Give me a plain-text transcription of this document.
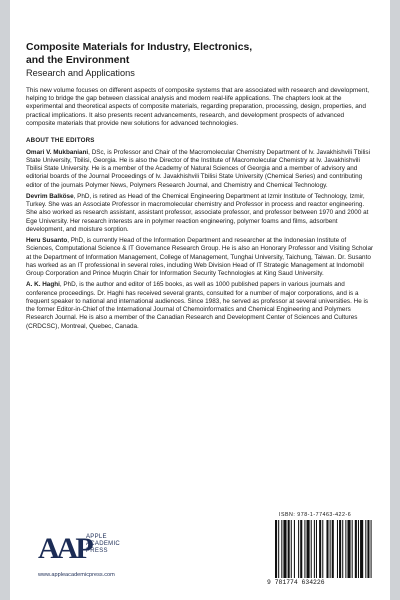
Composite Materials for Industry, Electronics,
and the Environment
Research and Applications

This new volume focuses on different aspects of composite systems that are associated with research and development, helping to bridge the gap between classical analysis and modern real-life applications. The chapters look at the experimental and theoretical aspects of composite materials, regarding preparation, processing, design, properties, and practical implications. It also presents recent advancements, research, and development prospects of advanced composite materials that provide new solutions for advanced technologies.

ABOUT THE EDITORS

Omari V. Mukbaniani, DSc, is Professor and Chair of the Macromolecular Chemistry Department of Iv. Javakhishvili Tbilisi State University, Tbilisi, Georgia. He is also the Director of the Institute of Macromolecular Chemistry at Iv. Javakhishvili Tbilisi State University. He is a member of the Academy of Natural Sciences of Georgia and a member of advisory and editorial boards of the Journal Proceedings of Iv. Javakhishvili Tbilisi State University (Chemical Series) and contributing editor of the journals Polymer News, Polymers Research Journal, and Chemistry and Chemical Technology.

Devrim Balköse, PhD, is retired as Head of the Chemical Engineering Department at Izmir Institute of Technology, Izmir, Turkey. She was an Associate Professor in macromolecular chemistry and Professor in process and reactor engineering. She also worked as research assistant, assistant professor, associate professor, and professor between 1970 and 2000 at Ege University. Her research interests are in polymer reaction engineering, polymer foams and films, adsorbent development, and moisture sorption.

Heru Susanto, PhD, is currently Head of the Information Department and researcher at the Indonesian Institute of Sciences, Computational Science & IT Governance Research Group. He is also an Honorary Professor and Visiting Scholar at the Department of Information Management, College of Management, Tunghai University, Taichung, Taiwan. Dr. Susanto has worked as an IT professional in several roles, including Web Division Head of IT Strategic Management at Indomobil Group Corporation and Prince Muqrin Chair for Information Security Technologies at King Saud University.

A. K. Haghi, PhD, is the author and editor of 165 books, as well as 1000 published papers in various journals and conference proceedings. Dr. Haghi has received several grants, consulted for a number of major corporations, and is a frequent speaker to national and international audiences. Since 1983, he served as professor at several universities. He is the former Editor-in-Chief of the International Journal of Chemoinformatics and Chemical Engineering and Polymers Research Journal. He is also a member of the Canadian Research and Development Center of Sciences and Cultures (CRDCSC), Montreal, Quebec, Canada.

AAP
APPLE
ACADEMIC
PRESS
www.appleacademicpress.com
ISBN: 978-1-77463-422-6
9 781774 634226
